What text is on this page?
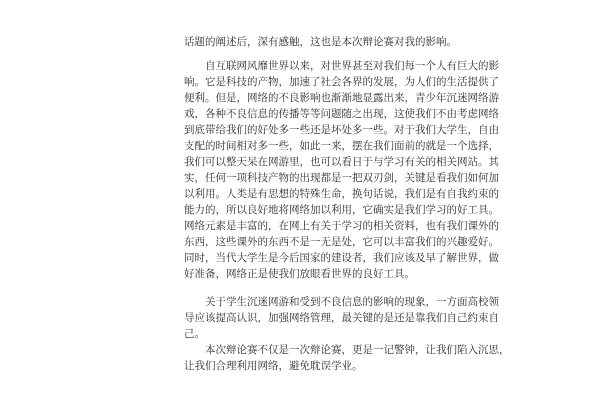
话题的阐述后，深有感触，这也是本次辩论赛对我的影响。

　　自互联网风靡世界以来，对世界甚至对我们每一个人有巨大的影
响。它是科技的产物，加速了社会各界的发展，为人们的生活提供了
便利。但是，网络的不良影响也渐渐地显露出来，青少年沉迷网络游
戏，各种不良信息的传播等等问题随之出现，这使我们不由考虑网络
到底带给我们的好处多一些还是坏处多一些。对于我们大学生，自由
支配的时间相对多一些，如此一来，摆在我们面前的就是一个选择，
我们可以整天呆在网游里，也可以看日于与学习有关的相关网站。其
实，任何一项科技产物的出现都是一把双刃剑，关键是看我们如何加
以利用。人类是有思想的特殊生命，换句话说，我们是有自我约束的
能力的，所以良好地将网络加以利用，它确实是我们学习的好工具。
网络元素是丰富的，在网上有关于学习的相关资料，也有我们课外的
东西，这些课外的东西不是一无是处，它可以丰富我们的兴趣爱好。
同时，当代大学生是今后国家的建设者，我们应该及早了解世界，做
好准备，网络正是使我们放眼看世界的良好工具。

　　关于学生沉迷网游和受到不良信息的影响的现象，一方面高校领
导应该提高认识，加强网络管理，最关键的是还是靠我们自己约束自
己。

　　本次辩论赛不仅是一次辩论赛，更是一记警钟，让我们陷入沉思，
让我们合理利用网络，避免耽误学业。
